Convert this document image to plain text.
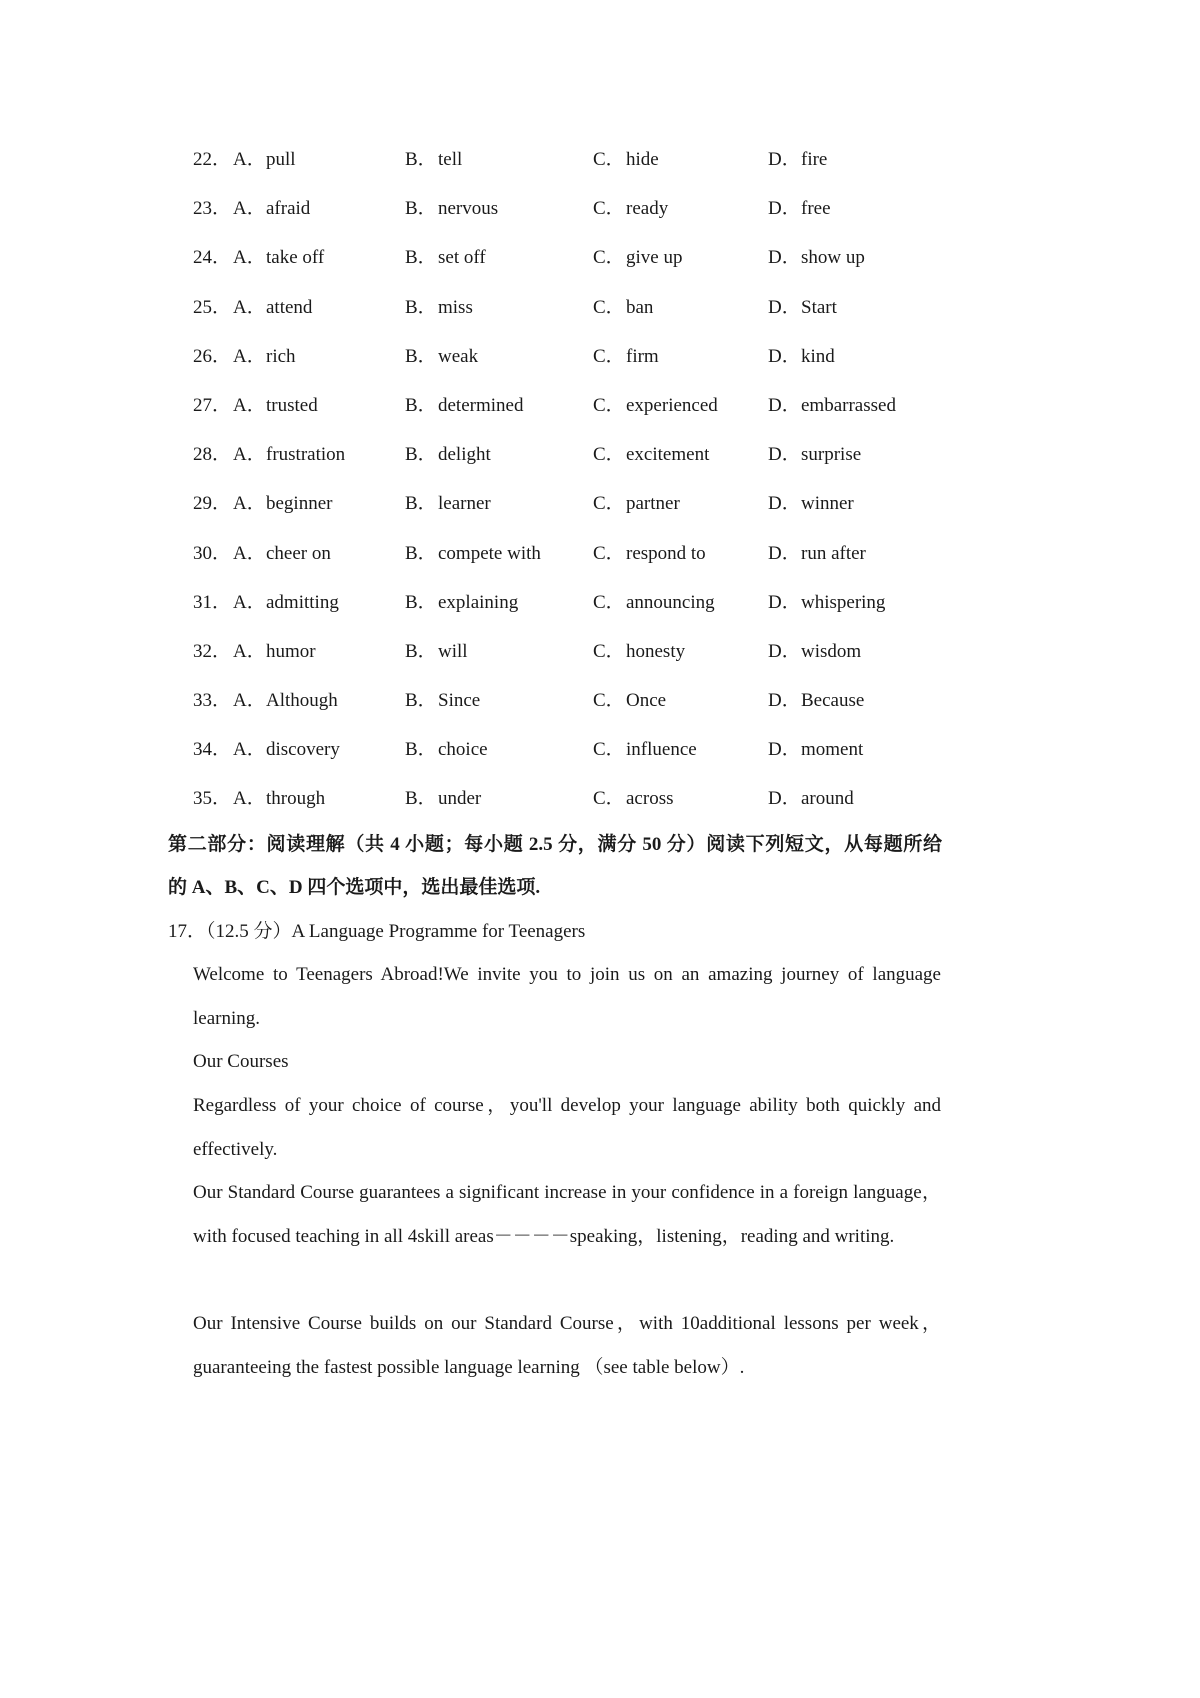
22． A． pull	B． tell	C． hide	D． fire
23． A． afraid	B． nervous	C． ready	D． free
24． A． take off	B． set off	C． give up	D． show up
25． A． attend	B． miss	C． ban	D． Start
26． A． rich	B． weak	C． firm	D． kind
27． A． trusted	B． determined	C． experienced	D． embarrassed
28． A． frustration	B． delight	C． excitement	D． surprise
29． A． beginner	B． learner	C． partner	D． winner
30． A． cheer on	B． compete with	C． respond to	D． run after
31． A． admitting	B． explaining	C． announcing	D． whispering
32． A． humor	B． will	C． honesty	D． wisdom
33． A． Although	B． Since	C． Once	D． Because
34． A． discovery	B． choice	C． influence	D． moment
35． A． through	B． under	C． across	D． around
第二部分：阅读理解（共 4 小题；每小题 2.5 分，满分 50 分）阅读下列短文，从每题所给
的 A、B、C、D 四个选项中，选出最佳选项.
17．（12.5 分）A Language Programme for Teenagers
Welcome to Teenagers Abroad!We invite you to join us on an amazing journey of language learning.
Our Courses
Regardless of your choice of course，you'll develop your language ability both quickly and effectively.
Our Standard Course guarantees a significant increase in your confidence in a foreign language，with focused teaching in all 4skill areas－－－－speaking，listening，reading and writing.
Our Intensive Course builds on our Standard Course，with 10additional lessons per week，guaranteeing the fastest possible language learning （see table below）.
